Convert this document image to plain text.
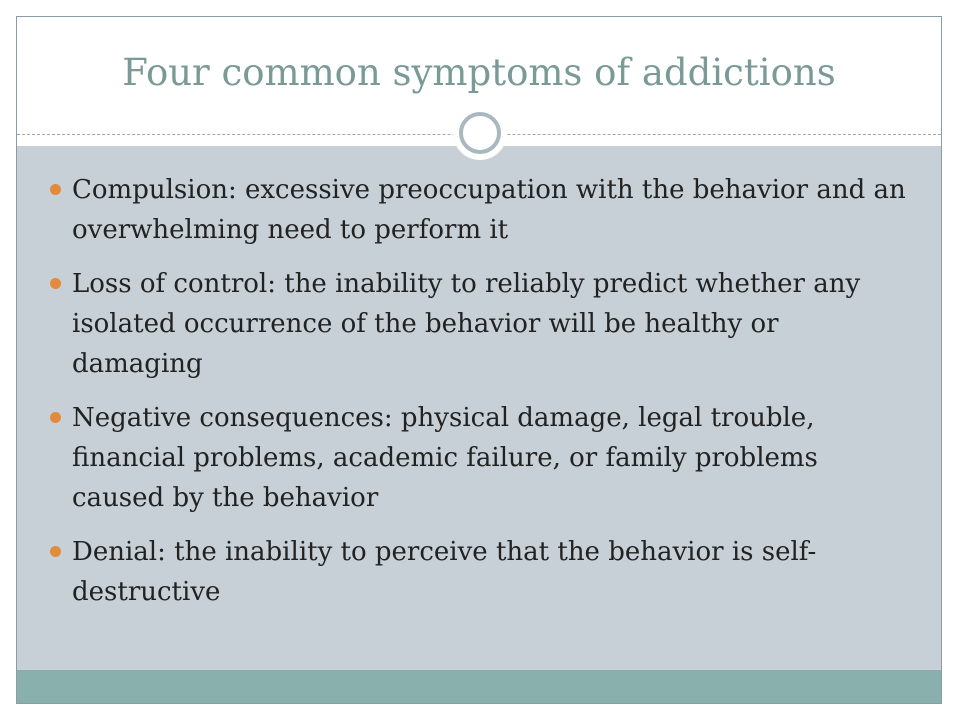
Four common symptoms of addictions
Compulsion: excessive preoccupation with the behavior and an overwhelming need to perform it
Loss of control: the inability to reliably predict whether any isolated occurrence of the behavior will be healthy or damaging
Negative consequences: physical damage, legal trouble, financial problems, academic failure, or family problems caused by the behavior
Denial: the inability to perceive that the behavior is self-destructive
